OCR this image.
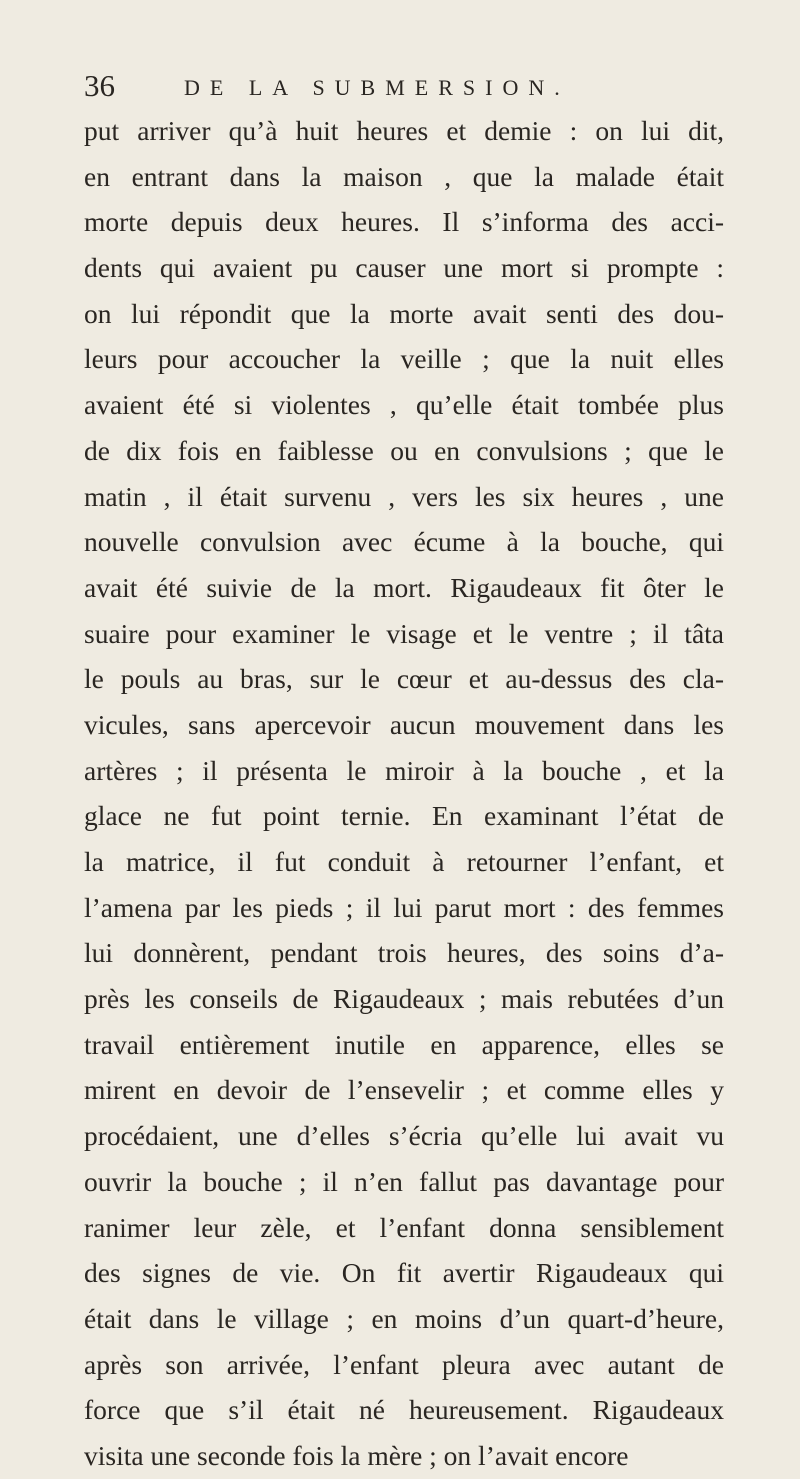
36	DE LA SUBMERSION.
put arriver qu’à huit heures et demie : on lui dit,
en entrant dans la maison , que la malade était
morte depuis deux heures. Il s’informa des acci-
dents qui avaient pu causer une mort si prompte :
on lui répondit que la morte avait senti des dou-
leurs pour accoucher la veille ; que la nuit elles
avaient été si violentes , qu’elle était tombée plus
de dix fois en faiblesse ou en convulsions ; que le
matin , il était survenu , vers les six heures , une
nouvelle convulsion avec écume à la bouche, qui
avait été suivie de la mort. Rigaudeaux fit ôter le
suaire pour examiner le visage et le ventre ; il tâta
le pouls au bras, sur le cœur et au-dessus des cla-
vicules, sans apercevoir aucun mouvement dans les
artères ; il présenta le miroir à la bouche , et la
glace ne fut point ternie. En examinant l’état de
la matrice, il fut conduit à retourner l’enfant, et
l’amena par les pieds ; il lui parut mort : des femmes
lui donnèrent, pendant trois heures, des soins d’a-
près les conseils de Rigaudeaux ; mais rebutées d’un
travail entièrement inutile en apparence, elles se
mirent en devoir de l’ensevelir ; et comme elles y
procédaient, une d’elles s’écria qu’elle lui avait vu
ouvrir la bouche ; il n’en fallut pas davantage pour
ranimer leur zèle, et l’enfant donna sensiblement
des signes de vie. On fit avertir Rigaudeaux qui
était dans le village ; en moins d’un quart-d’heure,
après son arrivée, l’enfant pleura avec autant de
force que s’il était né heureusement. Rigaudeaux
visita une seconde fois la mère ; on l’avait encore
